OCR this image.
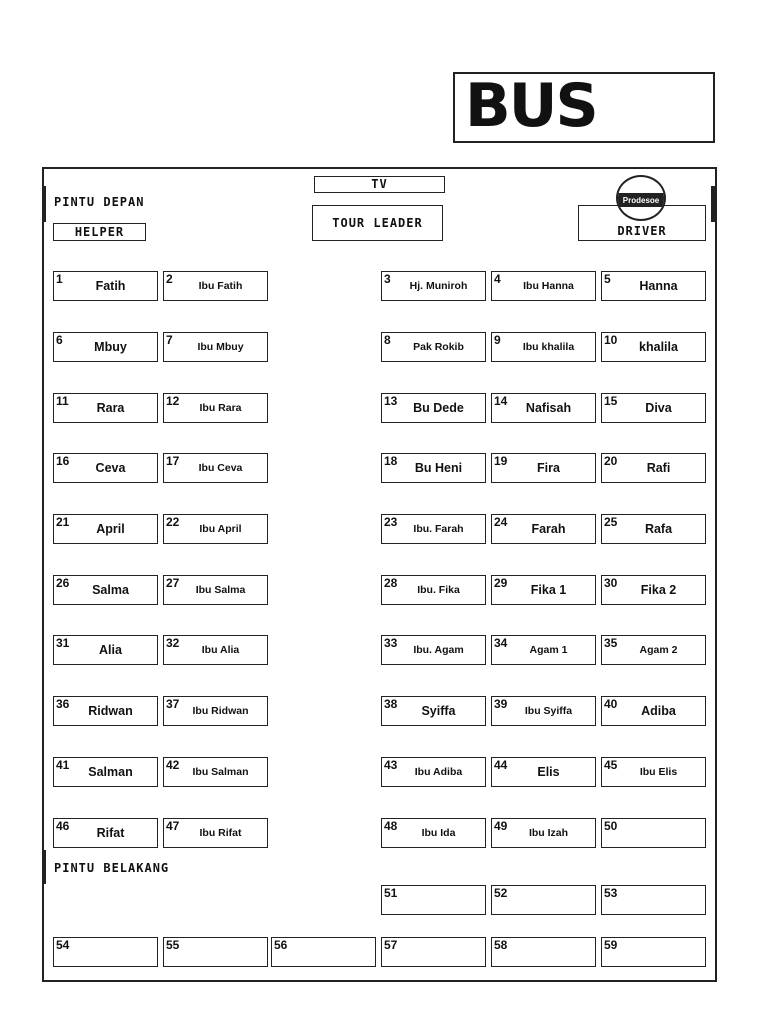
BUS
PINTU DEPAN
PINTU BELAKANG
HELPER
TV
TOUR LEADER
DRIVER
Prodesoe
1	Fatih	2	Ibu Fatih	3	Hj. Muniroh	4	Ibu Hanna	5	Hanna
6	Mbuy	7	Ibu Mbuy	8	Pak Rokib	9	Ibu khalila	10	khalila
11	Rara	12	Ibu Rara	13	Bu Dede	14	Nafisah	15	Diva
16	Ceva	17	Ibu Ceva	18	Bu Heni	19	Fira	20	Rafi
21	April	22	Ibu April	23	Ibu. Farah	24	Farah	25	Rafa
26	Salma	27	Ibu Salma	28	Ibu. Fika	29	Fika 1	30	Fika 2
31	Alia	32	Ibu Alia	33	Ibu. Agam	34	Agam 1	35	Agam 2
36	Ridwan	37	Ibu Ridwan	38	Syiffa	39	Ibu Syiffa	40	Adiba
41	Salman	42	Ibu Salman	43	Ibu Adiba	44	Elis	45	Ibu Elis
46	Rifat	47	Ibu Rifat	48	Ibu Ida	49	Ibu Izah	50
51	52	53
54	55	56	57	58	59
